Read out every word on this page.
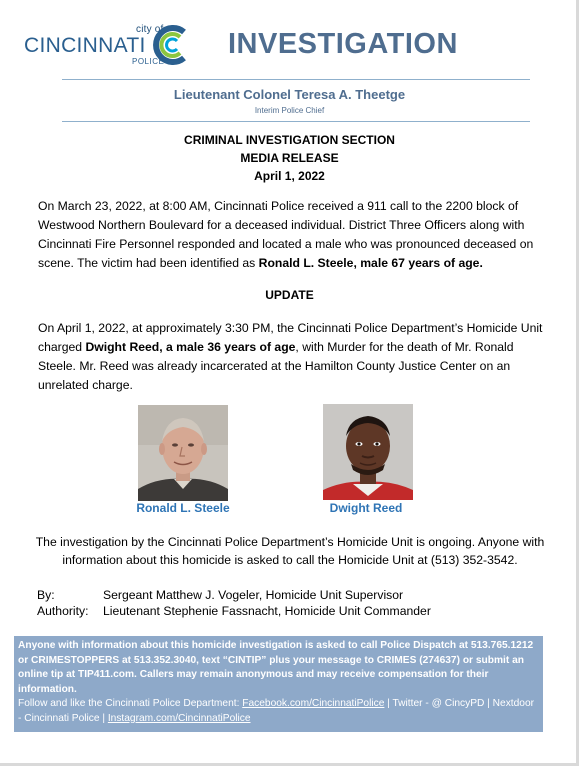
city of
CINCINNATI
POLICE
INVESTIGATION
Lieutenant Colonel Teresa A. Theetge
Interim Police Chief
CRIMINAL INVESTIGATION SECTION
MEDIA RELEASE
April 1, 2022
On March 23, 2022, at 8:00 AM, Cincinnati Police received a 911 call to the 2200 block of Westwood Northern Boulevard for a deceased individual. District Three Officers along with Cincinnati Fire Personnel responded and located a male who was pronounced deceased on scene. The victim had been identified as Ronald L. Steele, male 67 years of age.
UPDATE
On April 1, 2022, at approximately 3:30 PM, the Cincinnati Police Department’s Homicide Unit charged Dwight Reed, a male 36 years of age, with Murder for the death of Mr. Ronald Steele. Mr. Reed was already incarcerated at the Hamilton County Justice Center on an unrelated charge.
Ronald L. Steele	Dwight Reed
The investigation by the Cincinnati Police Department’s Homicide Unit is ongoing. Anyone with information about this homicide is asked to call the Homicide Unit at (513) 352-3542.
By:	Sergeant Matthew J. Vogeler, Homicide Unit Supervisor
Authority: Lieutenant Stephenie Fassnacht, Homicide Unit Commander
Anyone with information about this homicide investigation is asked to call Police Dispatch at 513.765.1212 or CRIMESTOPPERS at 513.352.3040, text “CINTIP” plus your message to CRIMES (274637) or submit an online tip at TIP411.com. Callers may remain anonymous and may receive compensation for their information.
Follow and like the Cincinnati Police Department: Facebook.com/CincinnatiPolice | Twitter - @ CincyPD | Nextdoor - Cincinnati Police | Instagram.com/CincinnatiPolice
